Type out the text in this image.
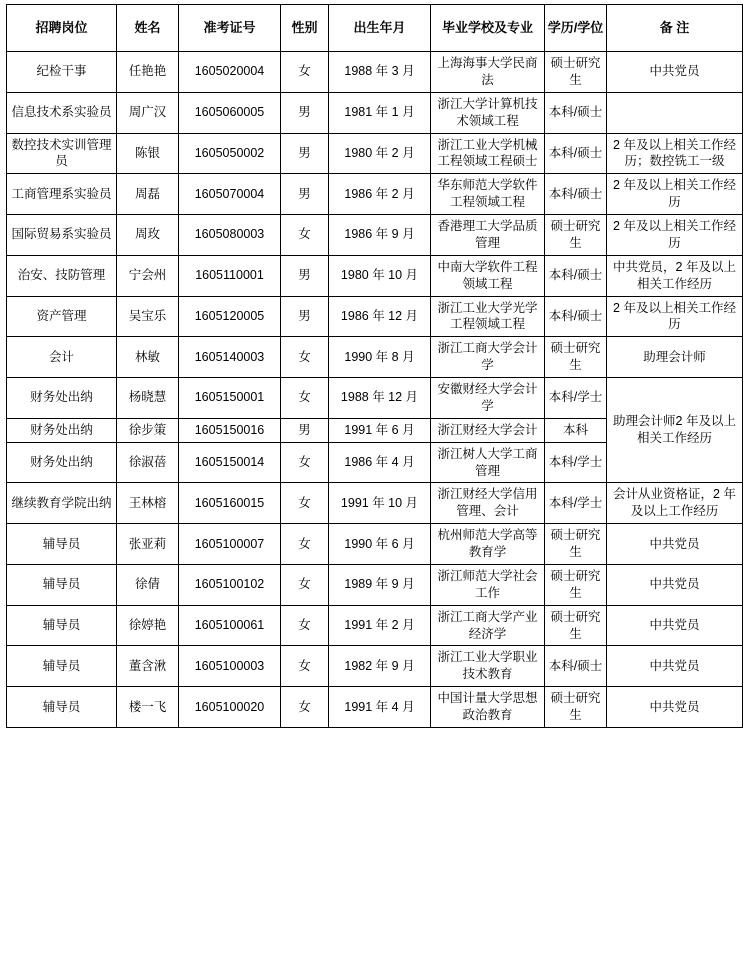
招聘岗位	姓名	准考证号	性别	出生年月	毕业学校及专业	学历/学位	备 注
纪检干事	任艳艳	1605020004	女	1988 年 3 月	上海海事大学民商法	硕士研究生	中共党员
信息技术系实验员	周广汉	1605060005	男	1981 年 1 月	浙江大学计算机技术领域工程	本科/硕士	
数控技术实训管理员	陈银	1605050002	男	1980 年 2 月	浙江工业大学机械工程领域工程硕士	本科/硕士	2 年及以上相关工作经历；数控铣工一级
工商管理系实验员	周磊	1605070004	男	1986 年 2 月	华东师范大学软件工程领域工程	本科/硕士	2 年及以上相关工作经历
国际贸易系实验员	周玫	1605080003	女	1986 年 9 月	香港理工大学品质管理	硕士研究生	2 年及以上相关工作经历
治安、技防管理	宁会州	1605110001	男	1980 年 10 月	中南大学软件工程领域工程	本科/硕士	中共党员，2 年及以上相关工作经历
资产管理	吴宝乐	1605120005	男	1986 年 12 月	浙江工业大学光学工程领域工程	本科/硕士	2 年及以上相关工作经历
会计	林敏	1605140003	女	1990 年 8 月	浙江工商大学会计学	硕士研究生	助理会计师
财务处出纳	杨晓慧	1605150001	女	1988 年 12 月	安徽财经大学会计学	本科/学士	助理会计师2 年及以上相关工作经历
财务处出纳	徐步策	1605150016	男	1991 年 6 月	浙江财经大学会计	本科	
财务处出纳	徐淑蓓	1605150014	女	1986 年 4 月	浙江树人大学工商管理	本科/学士	
继续教育学院出纳	王林榕	1605160015	女	1991 年 10 月	浙江财经大学信用管理、会计	本科/学士	会计从业资格证，2 年及以上工作经历
辅导员	张亚莉	1605100007	女	1990 年 6 月	杭州师范大学高等教育学	硕士研究生	中共党员
辅导员	徐倩	1605100102	女	1989 年 9 月	浙江师范大学社会工作	硕士研究生	中共党员
辅导员	徐婷艳	1605100061	女	1991 年 2 月	浙江工商大学产业经济学	硕士研究生	中共党员
辅导员	董含湫	1605100003	女	1982 年 9 月	浙江工业大学职业技术教育	本科/硕士	中共党员
辅导员	楼一飞	1605100020	女	1991 年 4 月	中国计量大学思想政治教育	硕士研究生	中共党员
